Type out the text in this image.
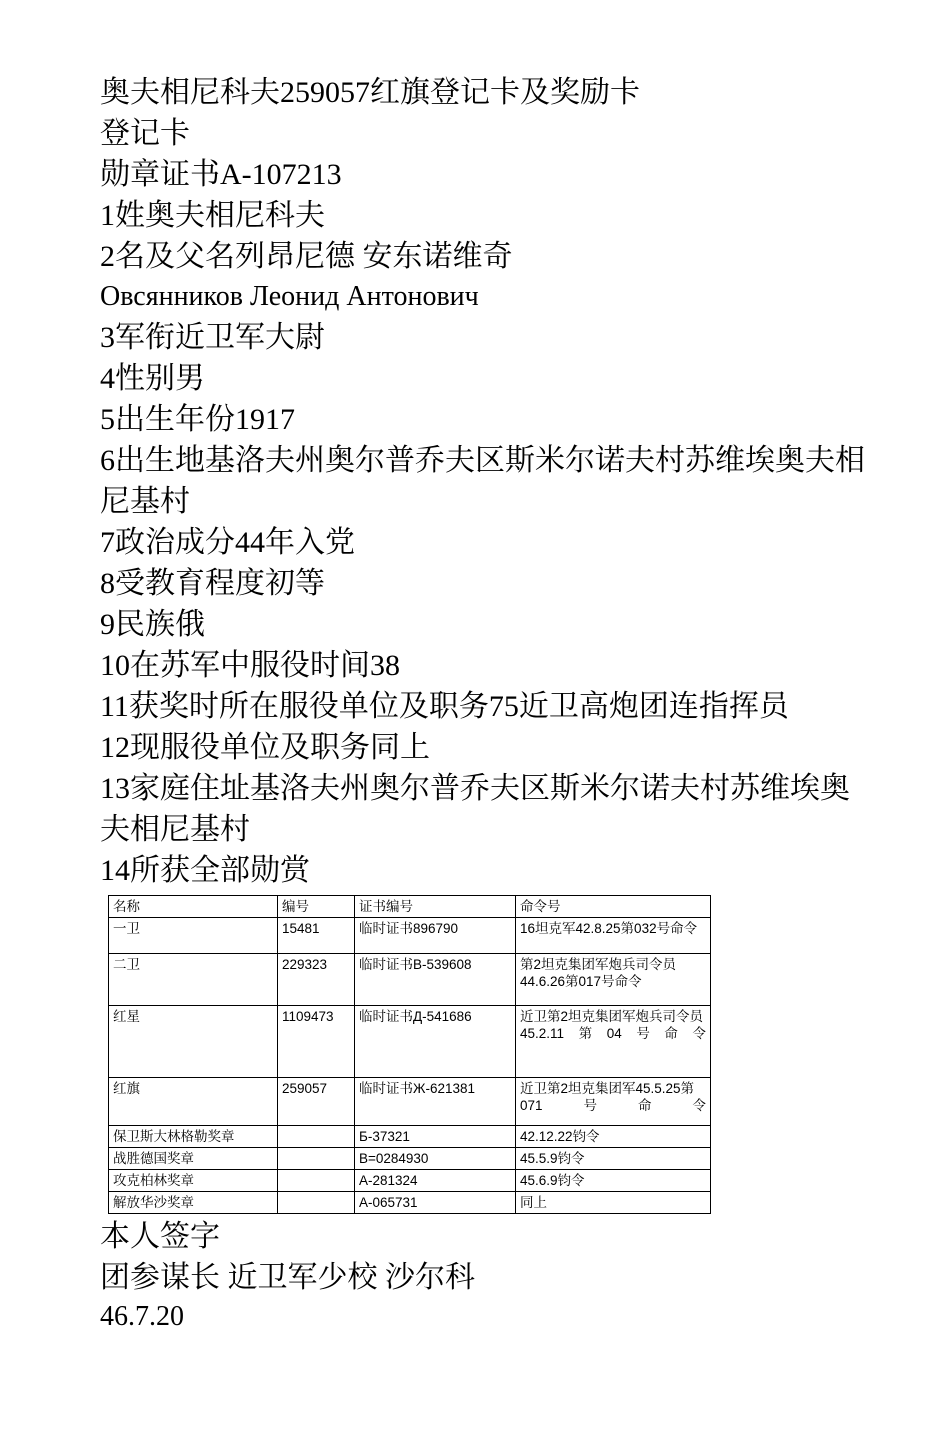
奥夫相尼科夫259057红旗登记卡及奖励卡
登记卡
勋章证书A-107213
1姓奥夫相尼科夫
2名及父名列昂尼德 安东诺维奇
Овсянников Леонид Антонович
3军衔近卫军大尉
4性别男
5出生年份1917
6出生地基洛夫州奥尔普乔夫区斯米尔诺夫村苏维埃奥夫相尼基村
7政治成分44年入党
8受教育程度初等
9民族俄
10在苏军中服役时间38
11获奖时所在服役单位及职务75近卫高炮团连指挥员
12现服役单位及职务同上
13家庭住址基洛夫州奥尔普乔夫区斯米尔诺夫村苏维埃奥夫相尼基村
14所获全部勋赏
名称	编号	证书编号	命令号
一卫	15481	临时证书896790	16坦克军42.8.25第032号命令
二卫	229323	临时证书B-539608	第2坦克集团军炮兵司令员44.6.26第017号命令
红星	1109473	临时证书Д-541686	近卫第2坦克集团军炮兵司令员45.2.11第04号命令
红旗	259057	临时证书Ж-621381	近卫第2坦克集团军45.5.25第071号命令
保卫斯大林格勒奖章		Б-37321	42.12.22钧令
战胜德国奖章		B=0284930	45.5.9钧令
攻克柏林奖章		A-281324	45.6.9钧令
解放华沙奖章		A-065731	同上
本人签字
团参谋长 近卫军少校 沙尔科
46.7.20
